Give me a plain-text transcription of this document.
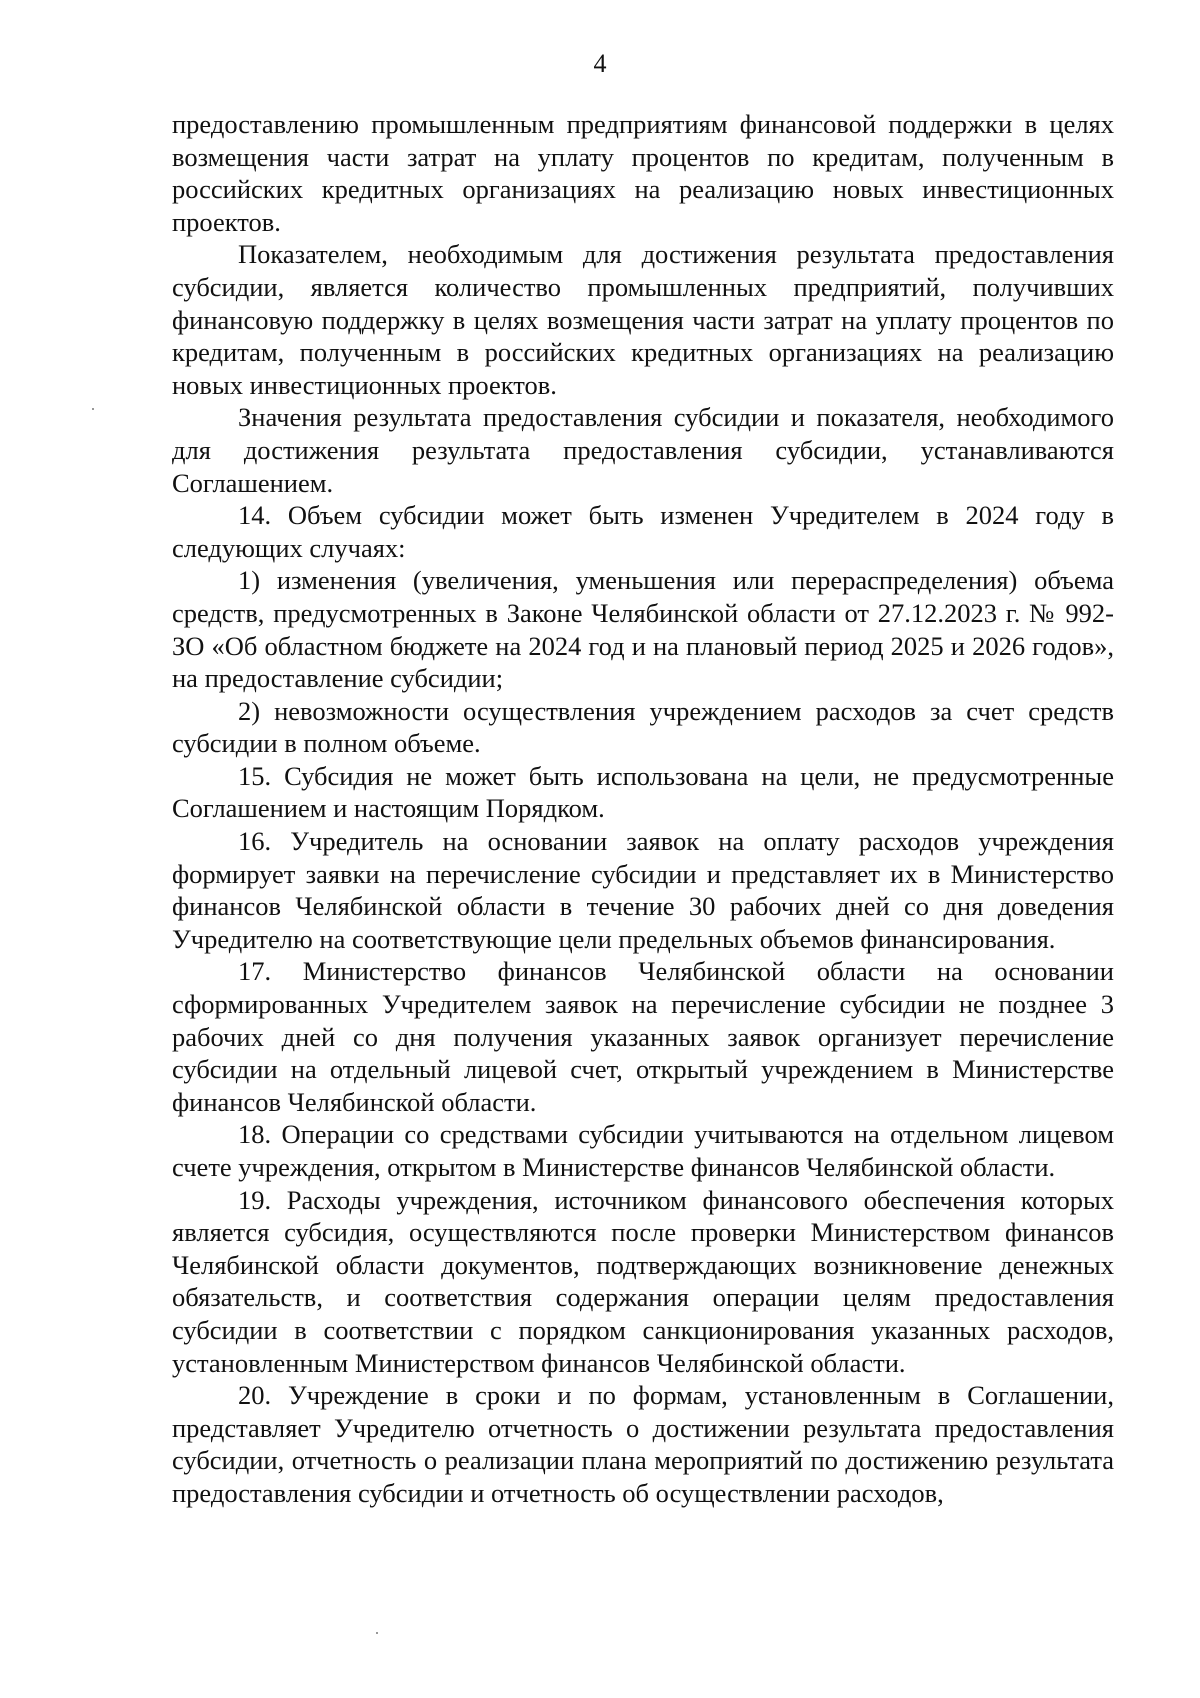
4

предоставлению промышленным предприятиям финансовой поддержки в целях возмещения части затрат на уплату процентов по кредитам, полученным в российских кредитных организациях на реализацию новых инвестиционных проектов.

Показателем, необходимым для достижения результата предоставления субсидии, является количество промышленных предприятий, получивших финансовую поддержку в целях возмещения части затрат на уплату процентов по кредитам, полученным в российских кредитных организациях на реализацию новых инвестиционных проектов.

Значения результата предоставления субсидии и показателя, необходимого для достижения результата предоставления субсидии, устанавливаются Соглашением.

14. Объем субсидии может быть изменен Учредителем в 2024 году в следующих случаях:

1) изменения (увеличения, уменьшения или перераспределения) объема средств, предусмотренных в Законе Челябинской области от 27.12.2023 г. № 992-ЗО «Об областном бюджете на 2024 год и на плановый период 2025 и 2026 годов», на предоставление субсидии;

2) невозможности осуществления учреждением расходов за счет средств субсидии в полном объеме.

15. Субсидия не может быть использована на цели, не предусмотренные Соглашением и настоящим Порядком.

16. Учредитель на основании заявок на оплату расходов учреждения формирует заявки на перечисление субсидии и представляет их в Министерство финансов Челябинской области в течение 30 рабочих дней со дня доведения Учредителю на соответствующие цели предельных объемов финансирования.

17. Министерство финансов Челябинской области на основании сформированных Учредителем заявок на перечисление субсидии не позднее 3 рабочих дней со дня получения указанных заявок организует перечисление субсидии на отдельный лицевой счет, открытый учреждением в Министерстве финансов Челябинской области.

18. Операции со средствами субсидии учитываются на отдельном лицевом счете учреждения, открытом в Министерстве финансов Челябинской области.

19. Расходы учреждения, источником финансового обеспечения которых является субсидия, осуществляются после проверки Министерством финансов Челябинской области документов, подтверждающих возникновение денежных обязательств, и соответствия содержания операции целям предоставления субсидии в соответствии с порядком санкционирования указанных расходов, установленным Министерством финансов Челябинской области.

20. Учреждение в сроки и по формам, установленным в Соглашении, представляет Учредителю отчетность о достижении результата предоставления субсидии, отчетность о реализации плана мероприятий по достижению результата предоставления субсидии и отчетность об осуществлении расходов,
